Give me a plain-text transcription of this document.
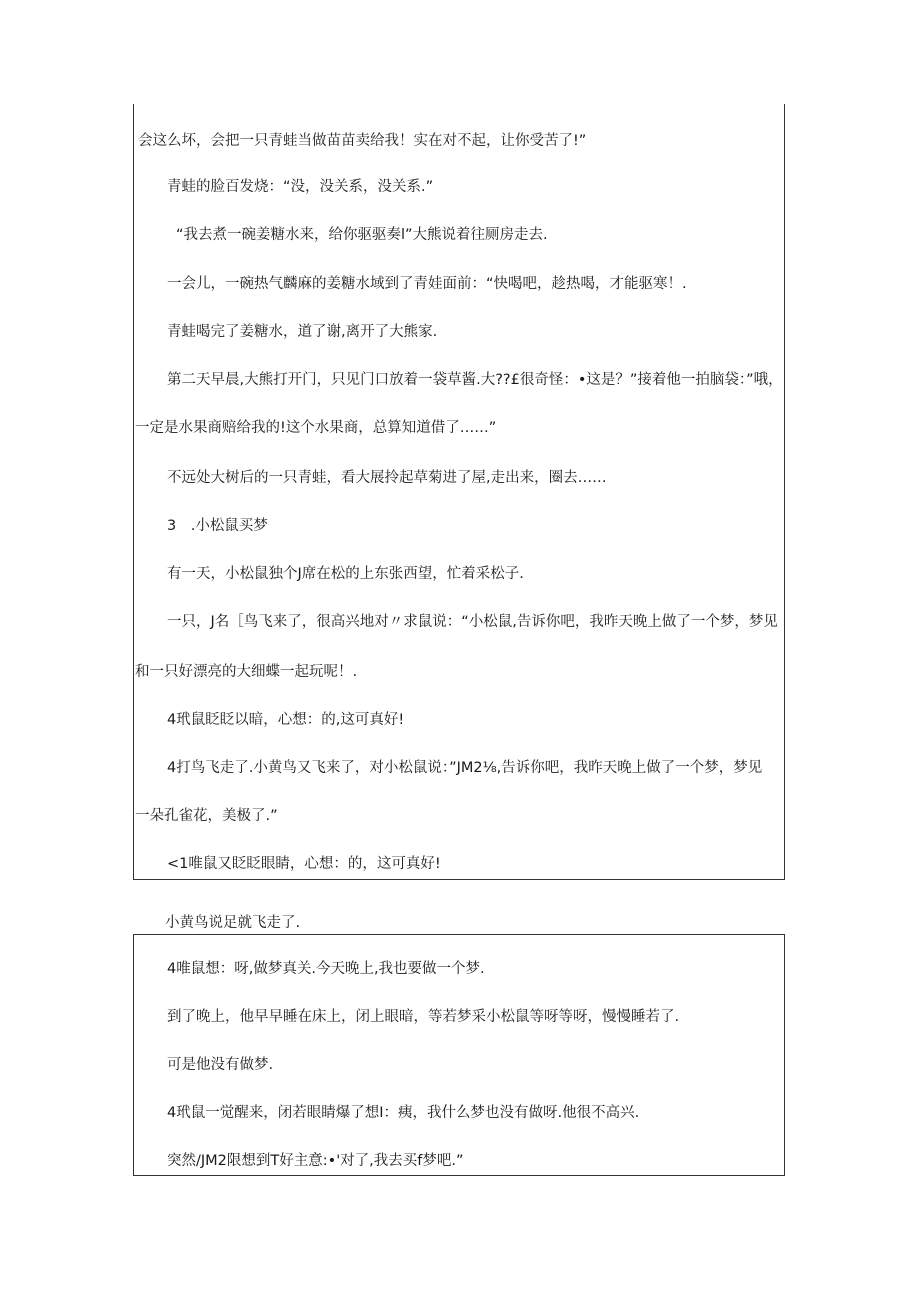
会这么坏，会把一只青蛙当做苗苗卖给我！实在对不起，让你受苦了!”
青蛙的脸百发烧：“没，没关系，没关系.”
“我去煮一碗姜糖水来，给你驱驱奏l”大熊说着往厕房走去.
一会儿，一碗热气麟麻的姜糖水域到了青娃面前：“快喝吧，趁热喝，才能驱寒！.
青蛙喝完了姜糖水，道了谢,离开了大熊家.
第二天早晨,大熊打开门，只见门口放着一袋草酱.大??£很奇怪：•这是？”接着他一拍脑袋：”哦，
一定是水果商赔给我的!这个水果商，总算知道借了……”
不远处大树后的一只青蛙，看大展拎起草菊进了屋,走出来，圈去……
3　.小松鼠买梦
有一天，小松鼠独个J席在松的上东张西望，忙着采松子.
一只，J名［鸟飞来了，很高兴地对〃求鼠说：“小松鼠,告诉你吧，我昨天晚上做了一个梦，梦见
和一只好漂亮的大细蝶一起玩呢！.
4玳鼠眨眨以暗，心想：的,这可真好!
4打鸟飞走了.小黄鸟又飞来了，对小松鼠说：”JM2⅛,告诉你吧，我昨天晚上做了一个梦，梦见
一朵孔雀花，美极了.”
<1唯鼠又眨眨眼睛，心想：的，这可真好!
小黄鸟说足就飞走了.
4唯鼠想：呀,做梦真关.今天晚上,我也要做一个梦.
到了晚上，他早早睡在床上，闭上眼暗，等若梦采小松鼠等呀等呀，慢慢睡若了.
可是他没有做梦.
4玳鼠一觉醒来，闭若眼睛爆了想I：痍，我什么梦也没有做呀.他很不高兴.
突然/JM2限想到T好主意:•'对了,我去买f梦吧.”
